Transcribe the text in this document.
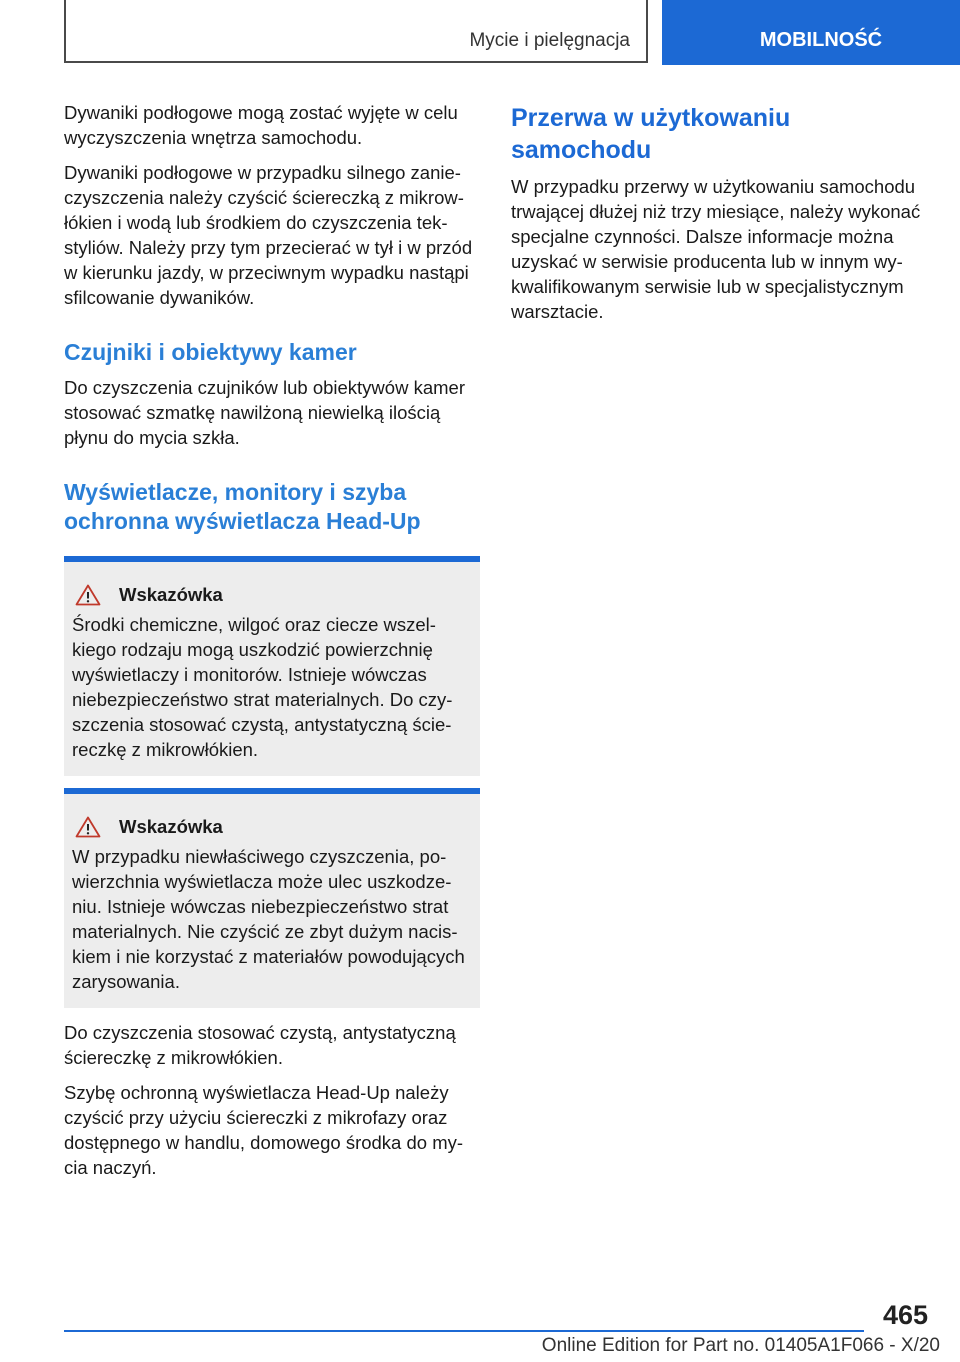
Mycie i pielęgnacja	MOBILNOŚĆ

Dywaniki podłogowe mogą zostać wyjęte w celu wyczyszczenia wnętrza samochodu.

Dywaniki podłogowe w przypadku silnego zanieczyszczenia należy czyścić ściereczką z mikrowłókien i wodą lub środkiem do czyszczenia tekstyliów. Należy przy tym przecierać w tył i w przód w kierunku jazdy, w przeciwnym wypadku nastąpi sfilcowanie dywaników.

Czujniki i obiektywy kamer

Do czyszczenia czujników lub obiektywów kamer stosować szmatkę nawilżoną niewielką ilością płynu do mycia szkła.

Wyświetlacze, monitory i szyba ochronna wyświetlacza Head-Up
Wskazówka

Środki chemiczne, wilgoć oraz ciecze wszelkiego rodzaju mogą uszkodzić powierzchnię wyświetlaczy i monitorów. Istnieje wówczas niebezpieczeństwo strat materialnych. Do czyszczenia stosować czystą, antystatyczną ściereczkę z mikrowłókien.

Wskazówka

W przypadku niewłaściwego czyszczenia, powierzchnia wyświetlacza może ulec uszkodzeniu. Istnieje wówczas niebezpieczeństwo strat materialnych. Nie czyścić ze zbyt dużym naciskiem i nie korzystać z materiałów powodujących zarysowania.

Do czyszczenia stosować czystą, antystatyczną ściereczkę z mikrowłókien.

Szybę ochronną wyświetlacza Head-Up należy czyścić przy użyciu ściereczki z mikrofazy oraz dostępnego w handlu, domowego środka do mycia naczyń.

Przerwa w użytkowaniu samochodu

W przypadku przerwy w użytkowaniu samochodu trwającej dłużej niż trzy miesiące, należy wykonać specjalne czynności. Dalsze informacje można uzyskać w serwisie producenta lub w innym wykwalifikowanym serwisie lub w specjalistycznym warsztacie.

465
Online Edition for Part no. 01405A1F066 - X/20
